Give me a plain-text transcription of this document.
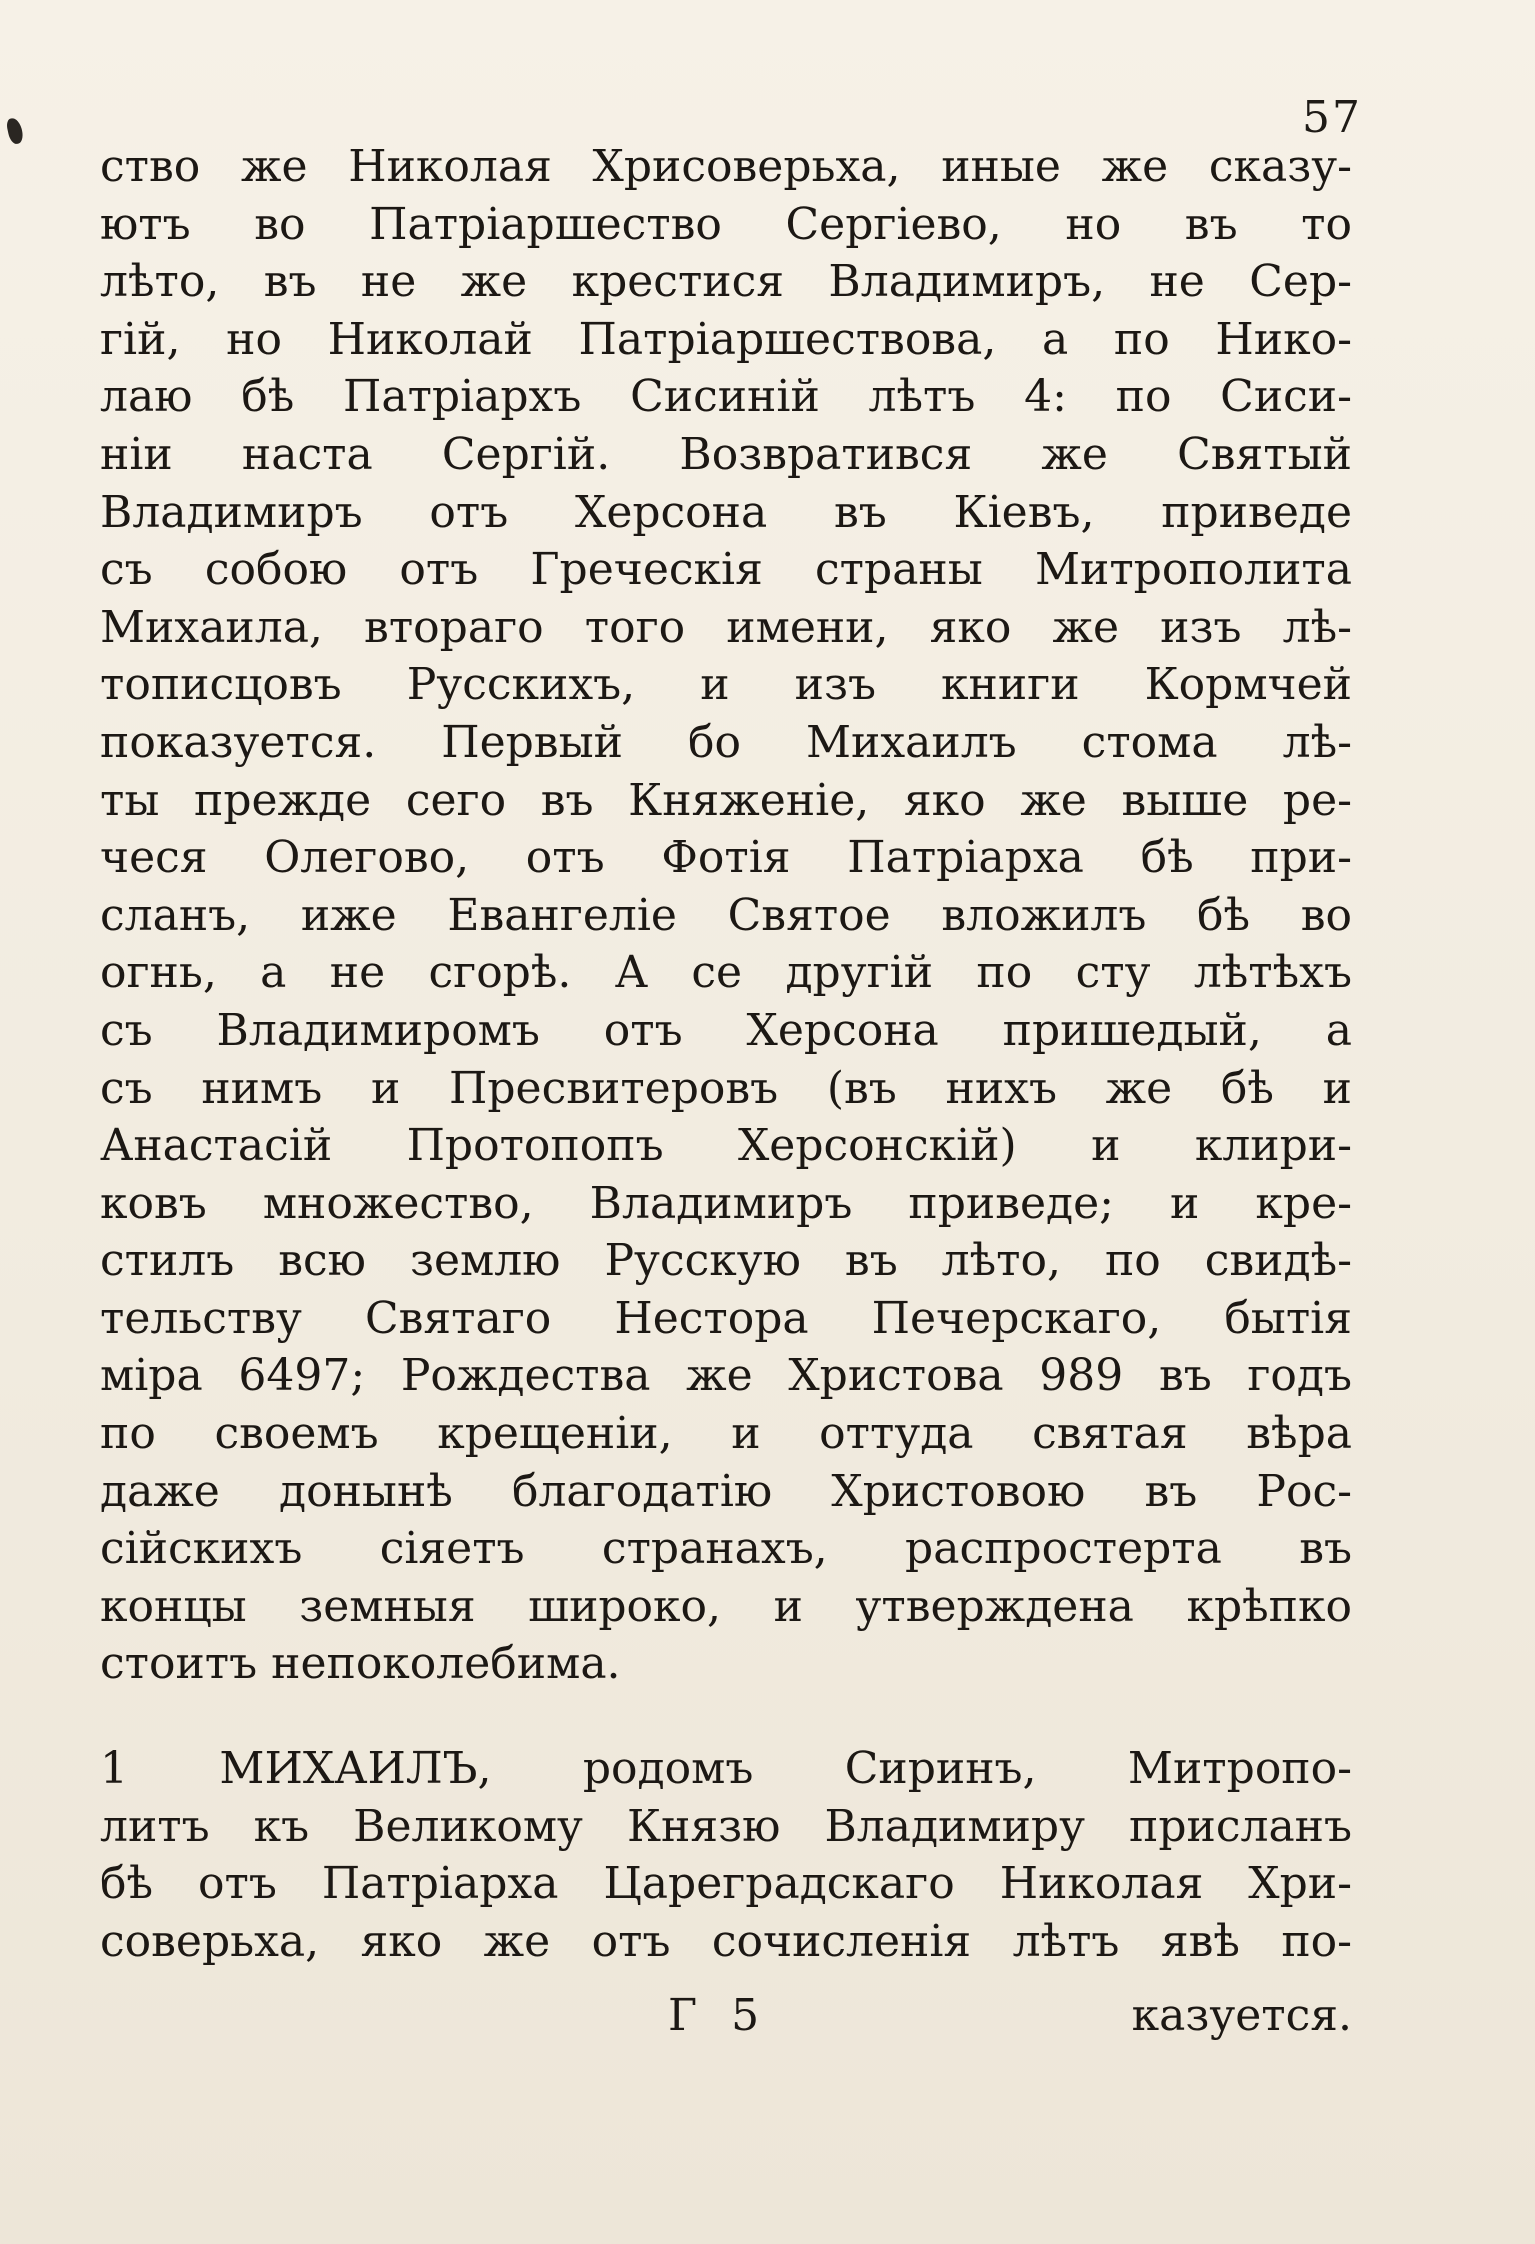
57
ство же Николая Хрисоверьха, иные же сказу-
ютъ во Патріаршество Сергіево, но въ то
лѣто, въ не же крестися Владимиръ, не Сер-
гій, но Николай Патріаршествова, а по Нико-
лаю бѣ Патріархъ Сисиній лѣтъ 4: по Сиси-
ніи наста Сергій. Возвратився же Святый
Владимиръ отъ Херсона въ Кіевъ, приведе
съ собою отъ Греческія страны Митрополита
Михаила, втораго того имени, яко же изъ лѣ-
тописцовъ Русскихъ, и изъ книги Кормчей
показуется. Первый бо Михаилъ стома лѣ-
ты прежде сего въ Княженіе, яко же выше ре-
чеся Олегово, отъ Фотія Патріарха бѣ при-
сланъ, иже Евангеліе Святое вложилъ бѣ во
огнь, а не сгорѣ. А се другій по сту лѣтѣхъ
съ Владимиромъ отъ Херсона пришедый, а
съ нимъ и Пресвитеровъ (въ нихъ же бѣ и
Анастасій Протопопъ Херсонскій) и клири-
ковъ множество, Владимиръ приведе; и кре-
стилъ всю землю Русскую въ лѣто, по свидѣ-
тельству Святаго Нестора Печерскаго, бытія
міра 6497; Рождества же Христова 989 въ годъ
по своемъ крещеніи, и оттуда святая вѣра
даже донынѣ благодатію Христовою въ Рос-
сійскихъ сіяетъ странахъ, распростерта въ
концы земныя широко, и утверждена крѣпко
стоитъ непоколебима.
1 МИХАИЛЪ, родомъ Сиринъ, Митропо-
литъ къ Великому Князю Владимиру присланъ
бѣ отъ Патріарха Цареградскаго Николая Хри-
соверьха, яко же отъ сочисленія лѣтъ явѣ по-
Г 5	казуется.
